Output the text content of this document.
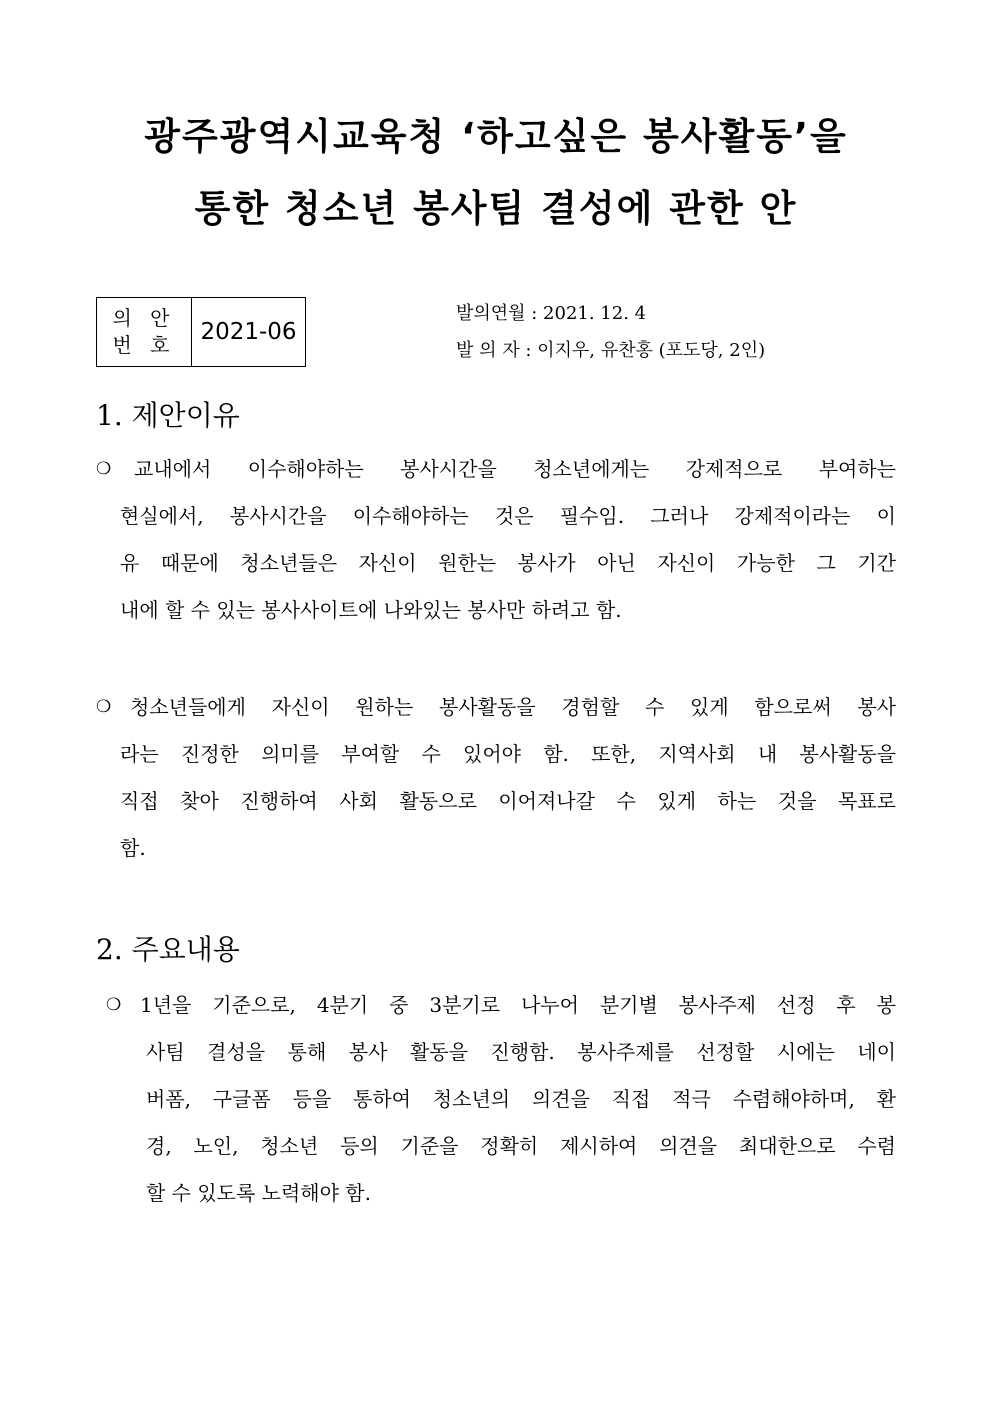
광주광역시교육청 ‘하고싶은 봉사활동’을
통한 청소년 봉사팀 결성에 관한 안
의 안
번 호	2021-06
발의연월 : 2021. 12. 4
발 의 자 : 이지우, 유찬홍 (포도당, 2인)
1. 제안이유
❍ 교내에서 이수해야하는 봉사시간을 청소년에게는 강제적으로 부여하는
현실에서, 봉사시간을 이수해야하는 것은 필수임. 그러나 강제적이라는 이
유 때문에 청소년들은 자신이 원한는 봉사가 아닌 자신이 가능한 그 기간
내에 할 수 있는 봉사사이트에 나와있는 봉사만 하려고 함.
❍ 청소년들에게 자신이 원하는 봉사활동을 경험할 수 있게 함으로써 봉사
라는 진정한 의미를 부여할 수 있어야 함. 또한, 지역사회 내 봉사활동을
직접 찾아 진행하여 사회 활동으로 이어져나갈 수 있게 하는 것을 목표로
함.
2. 주요내용
❍ 1년을 기준으로, 4분기 중 3분기로 나누어 분기별 봉사주제 선정 후 봉
사팀 결성을 통해 봉사 활동을 진행함. 봉사주제를 선정할 시에는 네이
버폼, 구글폼 등을 통하여 청소년의 의견을 직접 적극 수렴해야하며, 환
경, 노인, 청소년 등의 기준을 정확히 제시하여 의견을 최대한으로 수렴
할 수 있도록 노력해야 함.
